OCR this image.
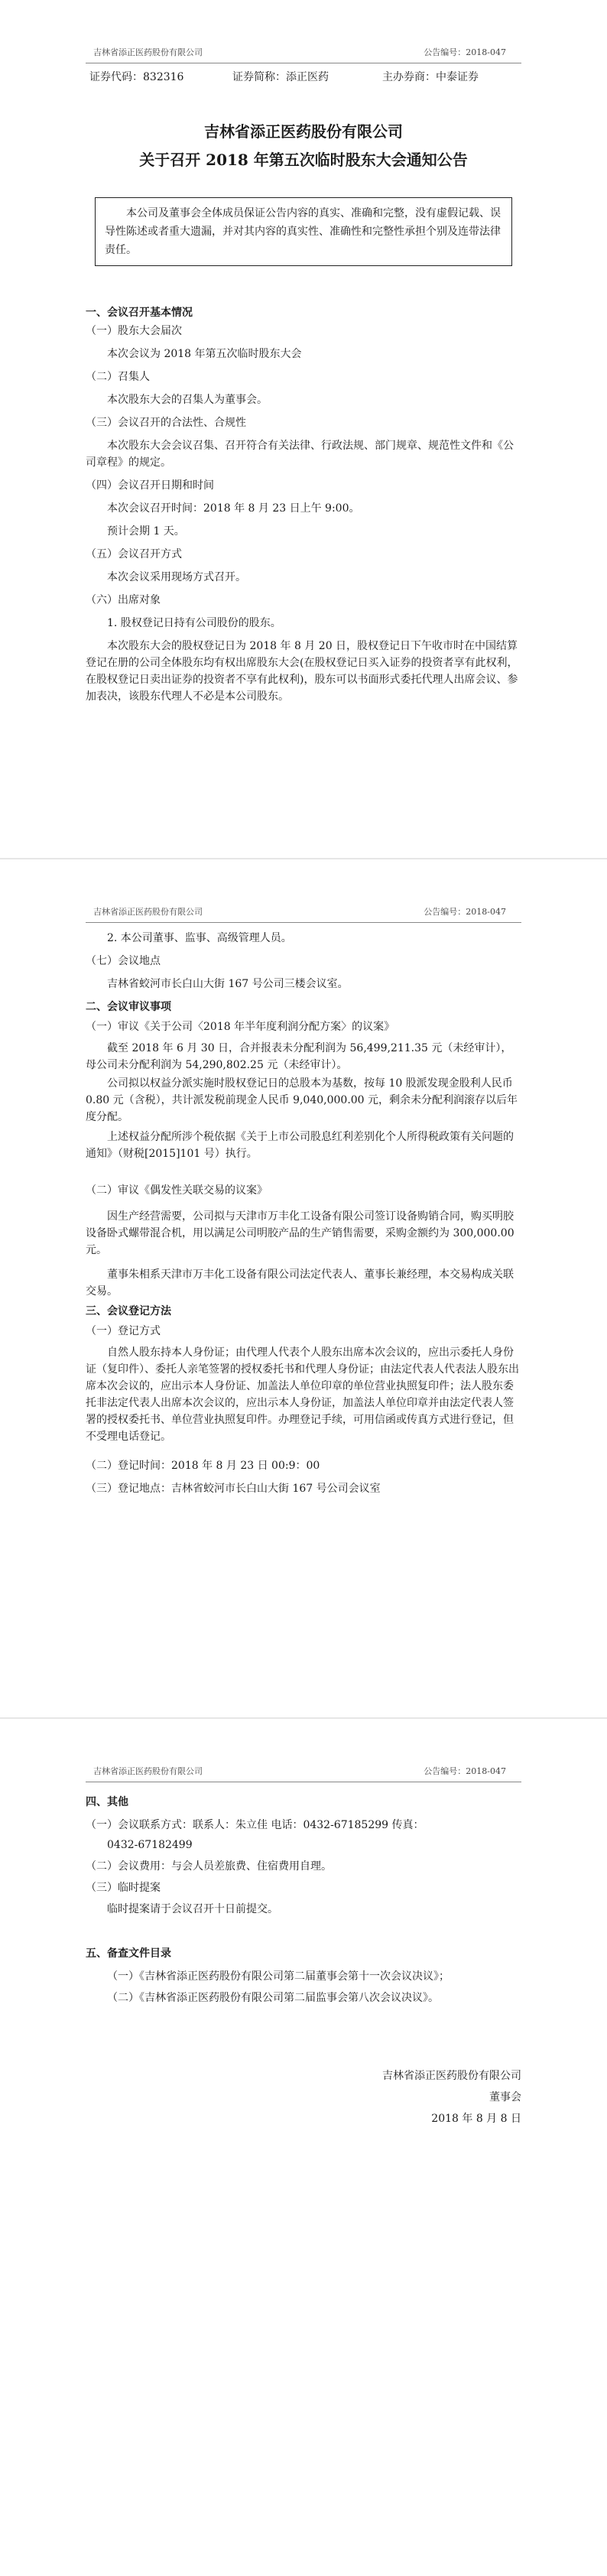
吉林省添正医药股份有限公司	公告编号：2018-047
证券代码：832316	证券简称：添正医药	主办券商：中泰证券
吉林省添正医药股份有限公司
关于召开 2018 年第五次临时股东大会通知公告
本公司及董事会全体成员保证公告内容的真实、准确和完整，没有虚假记载、误导性陈述或者重大遗漏，并对其内容的真实性、准确性和完整性承担个别及连带法律责任。
一、会议召开基本情况
（一）股东大会届次
本次会议为 2018 年第五次临时股东大会
（二）召集人
本次股东大会的召集人为董事会。
（三）会议召开的合法性、合规性
本次股东大会会议召集、召开符合有关法律、行政法规、部门规章、规范性文件和《公司章程》的规定。
（四）会议召开日期和时间
本次会议召开时间：2018 年 8 月 23 日上午 9:00。
预计会期 1 天。
（五）会议召开方式
本次会议采用现场方式召开。
（六）出席对象
1. 股权登记日持有公司股份的股东。
本次股东大会的股权登记日为 2018 年 8 月 20 日，股权登记日下午收市时在中国结算登记在册的公司全体股东均有权出席股东大会(在股权登记日买入证券的投资者享有此权利，在股权登记日卖出证券的投资者不享有此权利)，股东可以书面形式委托代理人出席会议、参加表决，该股东代理人不必是本公司股东。
吉林省添正医药股份有限公司	公告编号：2018-047
2. 本公司董事、监事、高级管理人员。
（七）会议地点
吉林省蛟河市长白山大街 167 号公司三楼会议室。
二、会议审议事项
（一）审议《关于公司〈2018 年半年度利润分配方案〉的议案》
截至 2018 年 6 月 30 日，合并报表未分配利润为 56,499,211.35 元（未经审计），母公司未分配利润为 54,290,802.25 元（未经审计）。
公司拟以权益分派实施时股权登记日的总股本为基数，按每 10 股派发现金股利人民币 0.80 元（含税），共计派发税前现金人民币 9,040,000.00 元，剩余未分配利润滚存以后年度分配。
上述权益分配所涉个税依据《关于上市公司股息红利差别化个人所得税政策有关问题的通知》（财税[2015]101 号）执行。
（二）审议《偶发性关联交易的议案》
因生产经营需要，公司拟与天津市万丰化工设备有限公司签订设备购销合同，购买明胶设备卧式螺带混合机，用以满足公司明胶产品的生产销售需要，采购金额约为 300,000.00 元。
董事朱相系天津市万丰化工设备有限公司法定代表人、董事长兼经理，本交易构成关联交易。
三、会议登记方法
（一）登记方式
自然人股东持本人身份证；由代理人代表个人股东出席本次会议的，应出示委托人身份证（复印件）、委托人亲笔签署的授权委托书和代理人身份证；由法定代表人代表法人股东出席本次会议的，应出示本人身份证、加盖法人单位印章的单位营业执照复印件；法人股东委托非法定代表人出席本次会议的，应出示本人身份证，加盖法人单位印章并由法定代表人签署的授权委托书、单位营业执照复印件。办理登记手续，可用信函或传真方式进行登记，但不受理电话登记。
（二）登记时间：2018 年 8 月 23 日 00:9：00
（三）登记地点：吉林省蛟河市长白山大街 167 号公司会议室
吉林省添正医药股份有限公司	公告编号：2018-047
四、其他
（一）会议联系方式：联系人：朱立佳 电话：0432-67185299 传真：
0432-67182499
（二）会议费用：与会人员差旅费、住宿费用自理。
（三）临时提案
临时提案请于会议召开十日前提交。
五、备查文件目录
（一）《吉林省添正医药股份有限公司第二届董事会第十一次会议决议》；
（二）《吉林省添正医药股份有限公司第二届监事会第八次会议决议》。
吉林省添正医药股份有限公司
董事会
2018 年 8 月 8 日
